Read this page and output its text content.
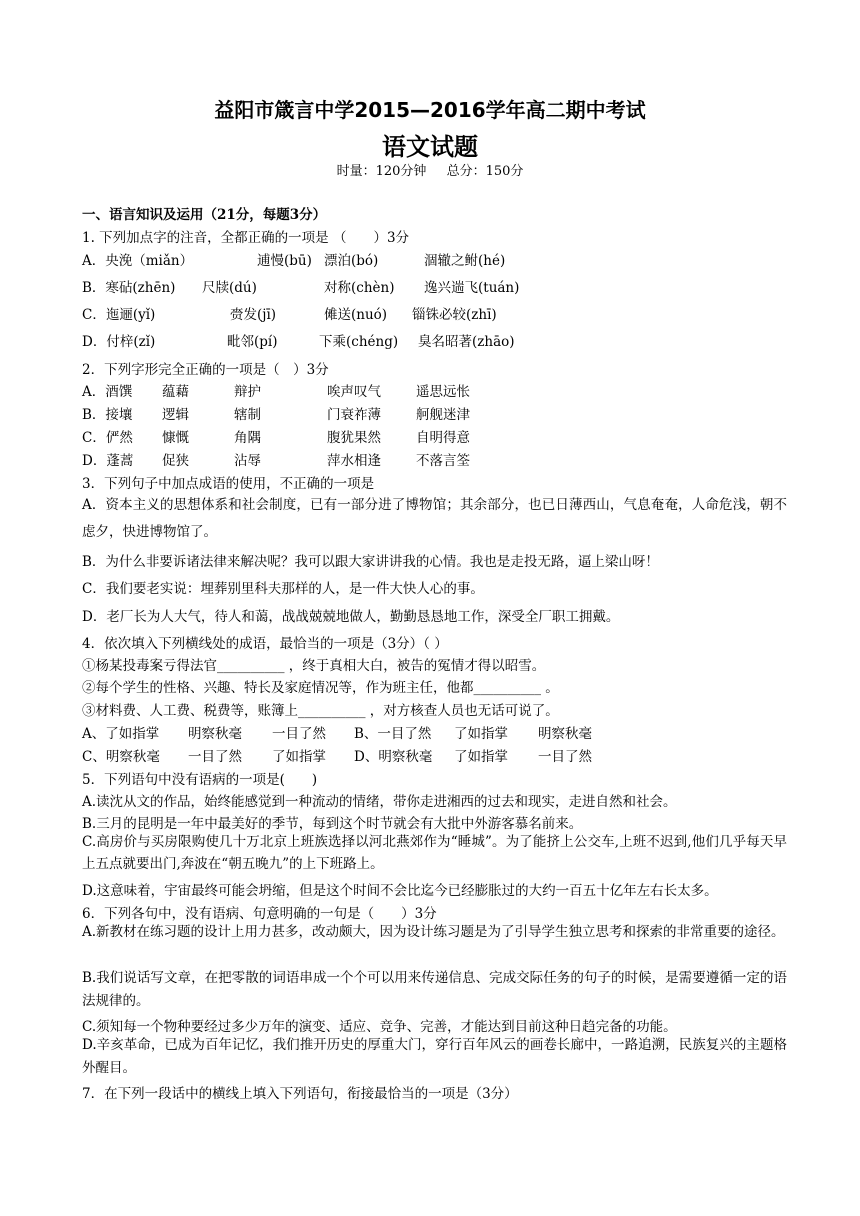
益阳市箴言中学2015—2016学年高二期中考试
语文试题
时量：120分钟 总分：150分
一、语言知识及运用（21分，每题3分）
1. 下列加点字的注音，全都正确的一项是 （　　）3分
A．央浼（miǎn）	逋慢(bū) 漂泊(bó)	涸辙之鲋(hé)
B．寒砧(zhēn) 尺牍(dú)	对称(chèn) 逸兴遄飞(tuán)
C．迤逦(yǐ)	赍发(jī)	傩送(nuó) 锱铢必较(zhī)
D．付梓(zǐ)	毗邻(pí)	下乘(chéng) 臭名昭著(zhāo)
2．下列字形完全正确的一项是（　）3分
A．酒馔 蕴藉	辩护	唉声叹气	遥思远怅
B．接壤 逻辑	辖制	门衰祚薄	舸舰迷津
C．俨然 慷慨	角隅	腹犹果然	自明得意
D．蓬蒿 促狭	沾辱	萍水相逢	不落言筌
3．下列句子中加点成语的使用，不正确的一项是
A．资本主义的思想体系和社会制度，已有一部分进了博物馆；其余部分，也已日薄西山，气息奄奄，人命危浅，朝不虑夕，快进博物馆了。
B．为什么非要诉诸法律来解决呢？我可以跟大家讲讲我的心情。我也是走投无路，逼上梁山呀！
C．我们要老实说：埋葬别里科夫那样的人，是一件大快人心的事。
D．老厂长为人大气，待人和蔼，战战兢兢地做人，勤勤恳恳地工作，深受全厂职工拥戴。
4．依次填入下列横线处的成语，最恰当的一项是（3分）（ ）
①杨某投毒案亏得法官__________ ，终于真相大白，被告的冤情才得以昭雪。
②每个学生的性格、兴趣、特长及家庭情况等，作为班主任，他都__________ 。
③材料费、人工费、税费等，账簿上__________ ，对方核查人员也无话可说了。
A、了如指掌 明察秋毫 一目了然 B、一目了然 了如指掌 明察秋毫
C、明察秋毫 一目了然 了如指掌 D、明察秋毫 了如指掌 一目了然
5．下列语句中没有语病的一项是(　　)
A.读沈从文的作品，始终能感觉到一种流动的情绪，带你走进湘西的过去和现实，走进自然和社会。
B.三月的昆明是一年中最美好的季节，每到这个时节就会有大批中外游客慕名前来。
C.高房价与买房限购使几十万北京上班族选择以河北燕郊作为“睡城”。为了能挤上公交车,上班不迟到,他们几乎每天早上五点就要出门,奔波在“朝五晚九”的上下班路上。
D.这意味着，宇宙最终可能会坍缩，但是这个时间不会比迄今已经膨胀过的大约一百五十亿年左右长太多。
6．下列各句中，没有语病、句意明确的一句是（　　）3分
A.新教材在练习题的设计上用力甚多，改动颇大，因为设计练习题是为了引导学生独立思考和探索的非常重要的途径。
B.我们说话写文章，在把零散的词语串成一个个可以用来传递信息、完成交际任务的句子的时候，是需要遵循一定的语法规律的。
C.须知每一个物种要经过多少万年的演变、适应、竞争、完善，才能达到目前这种日趋完备的功能。
D.辛亥革命，已成为百年记忆，我们推开历史的厚重大门，穿行百年风云的画卷长廊中，一路追溯，民族复兴的主题格外醒目。
7．在下列一段话中的横线上填入下列语句，衔接最恰当的一项是（3分）
